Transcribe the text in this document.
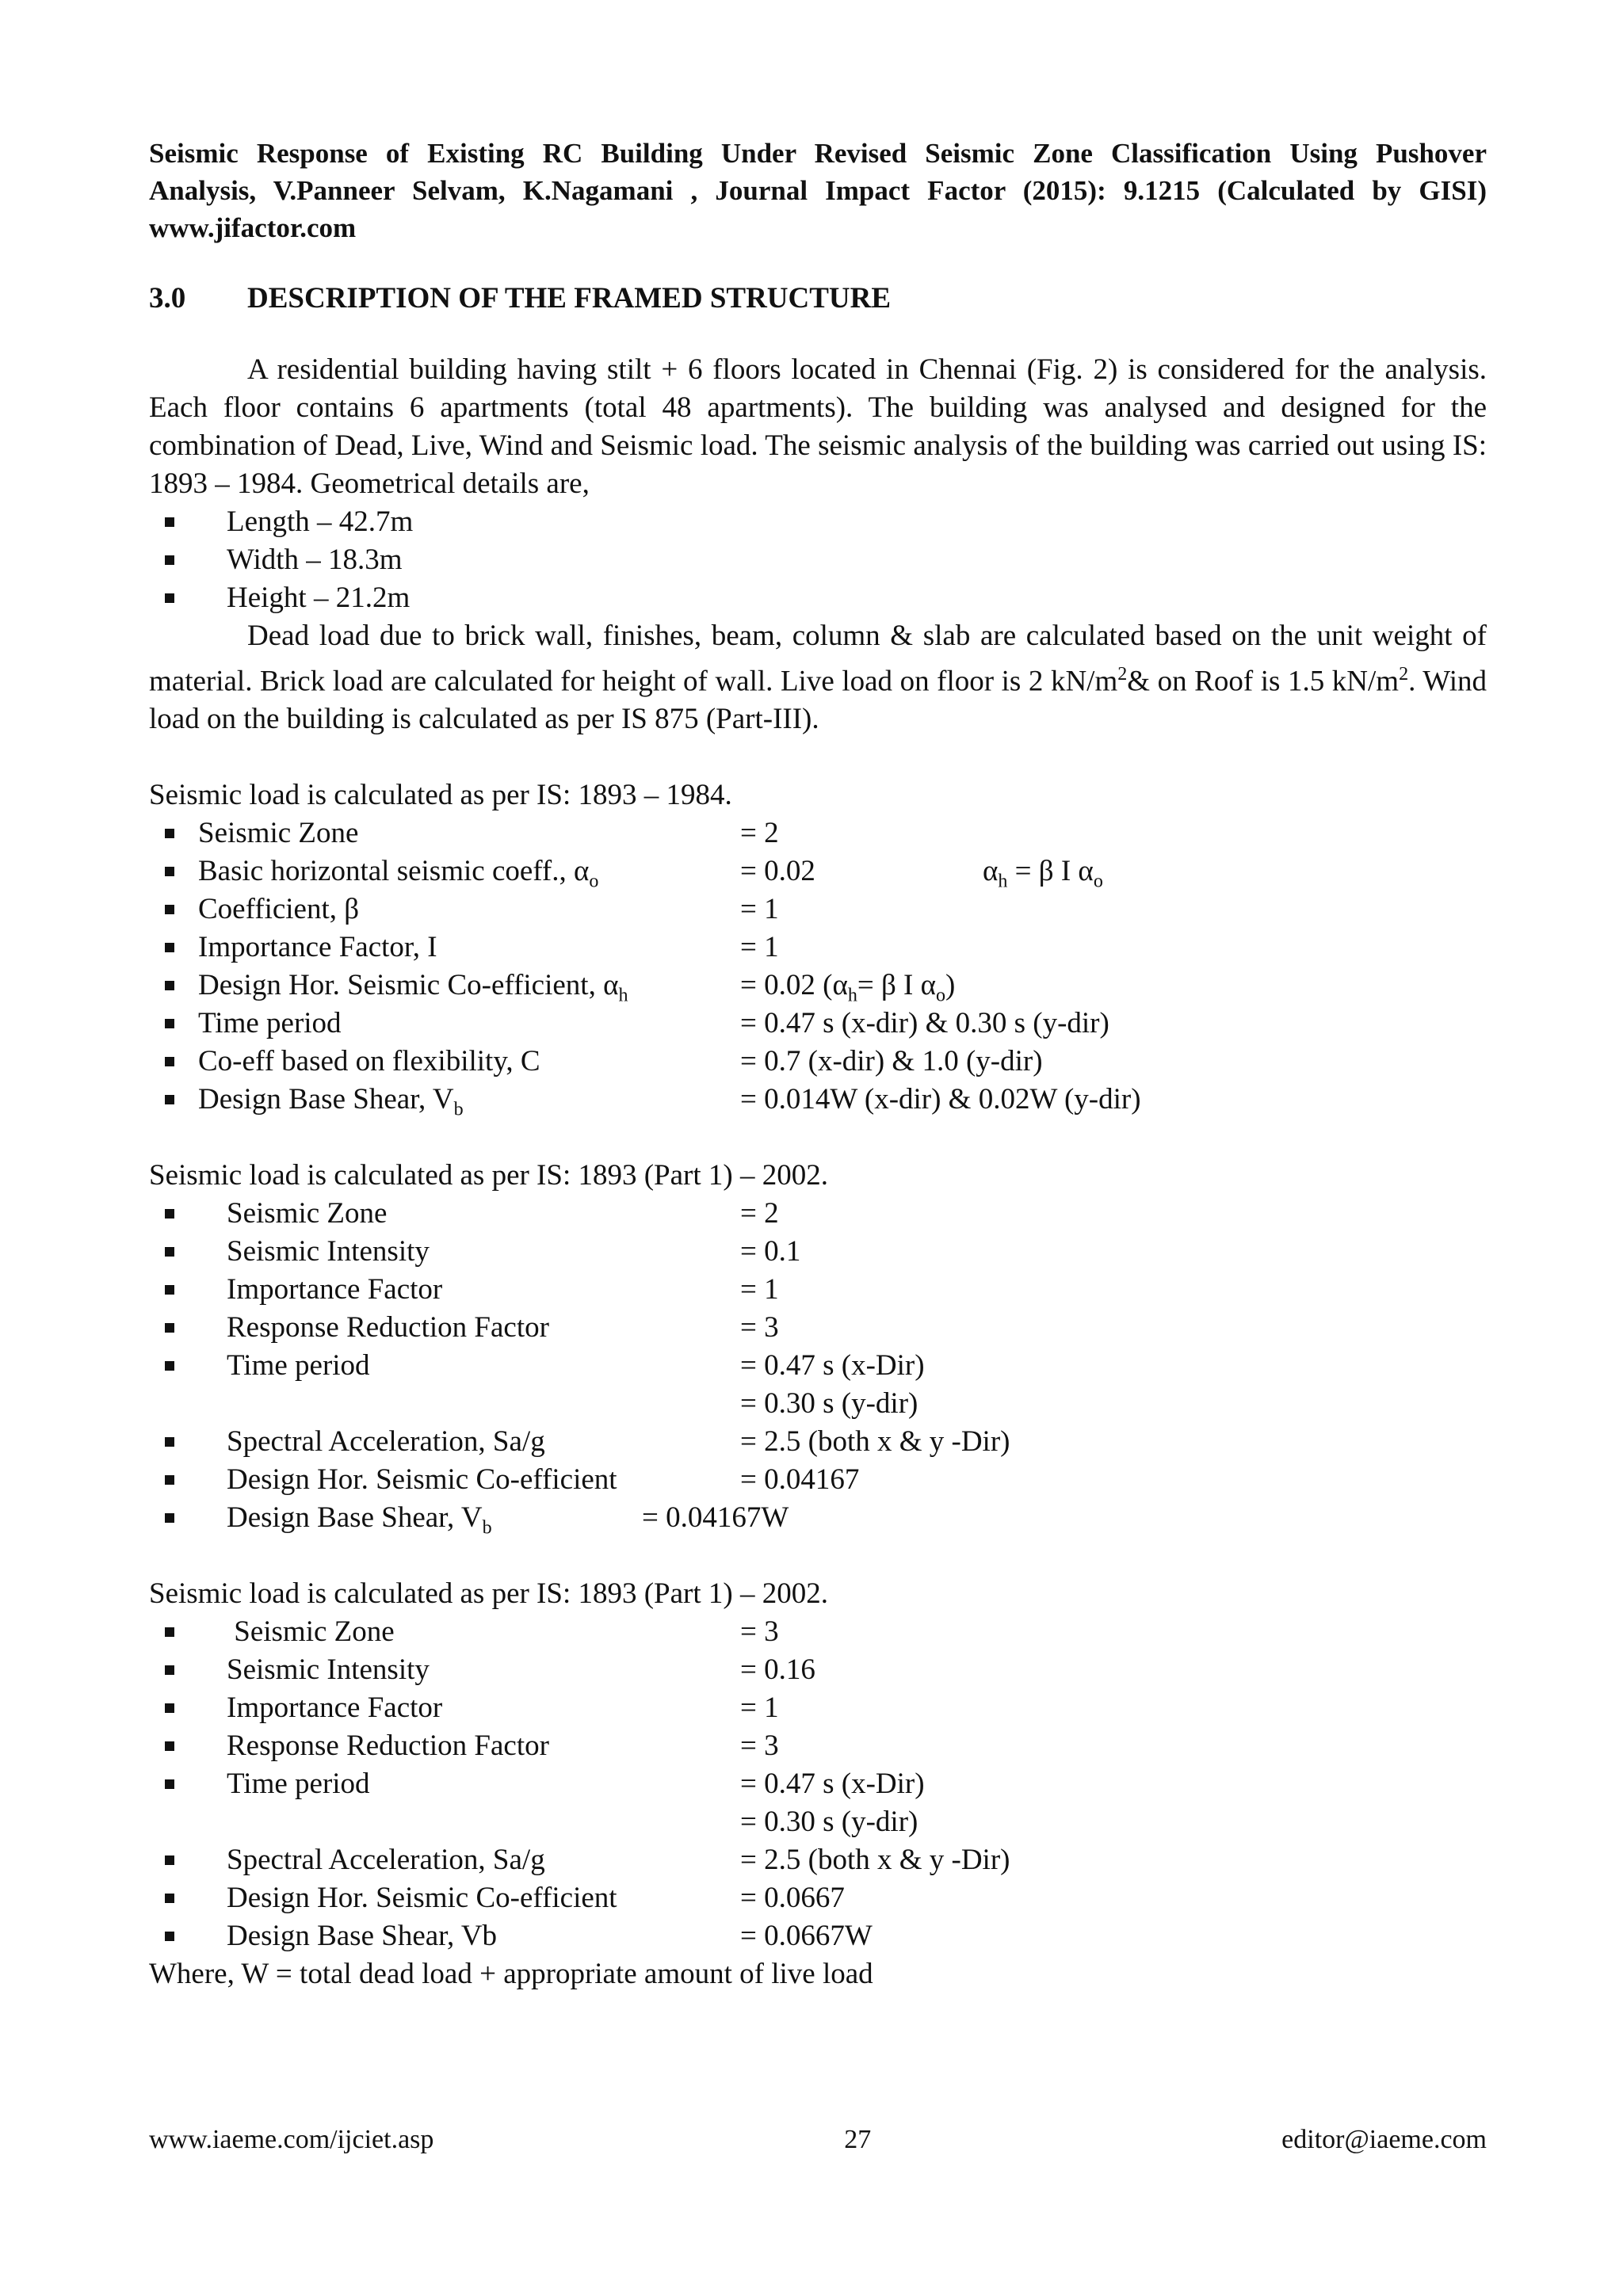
Seismic Response of Existing RC Building Under Revised Seismic Zone Classification Using Pushover
Analysis, V.Panneer Selvam, K.Nagamani , Journal Impact Factor (2015): 9.1215 (Calculated by GISI)
www.jifactor.com
3.0	DESCRIPTION OF THE FRAMED STRUCTURE

A residential building having stilt + 6 floors located in Chennai (Fig. 2) is considered for the analysis. Each floor contains 6 apartments (total 48 apartments). The building was analysed and designed for the combination of Dead, Live, Wind and Seismic load. The seismic analysis of the building was carried out using IS: 1893 – 1984. Geometrical details are,

Length – 42.7m
Width – 18.3m
Height – 21.2m

Dead load due to brick wall, finishes, beam, column & slab are calculated based on the unit weight of material. Brick load are calculated for height of wall. Live load on floor is 2 $kN/m^2\&$ on Roof is 1.5 $kN/m^2$. Wind load on the building is calculated as per IS 875 (Part-III).

Seismic load is calculated as per IS: 1893 – 1984.
Seismic Zone	= 2
Basic horizontal seismic coeff., $\alpha_o$	= 0.02	$\alpha_h = \beta$ I $\alpha_o$
Coefficient, β	= 1
Importance Factor, I	= 1
Design Hor. Seismic Co-efficient, $\alpha_h$	= 0.02 ($\alpha_h= \beta$ I $\alpha_o$)
Time period	= 0.47 s (x-dir) & 0.30 s (y-dir)
Co-eff based on flexibility, C	= 0.7 (x-dir) & 1.0 (y-dir)
Design Base Shear, $V_b$	= 0.014W (x-dir) & 0.02W (y-dir)
Seismic load is calculated as per IS: 1893 (Part 1) – 2002.
Seismic Zone	= 2
Seismic Intensity	= 0.1
Importance Factor	= 1
Response Reduction Factor	= 3
Time period	= 0.47 s (x-Dir)
= 0.30 s (y-dir)
Spectral Acceleration, Sa/g	= 2.5 (both x & y -Dir)
Design Hor. Seismic Co-efficient	= 0.04167
Design Base Shear, $V_b$	= 0.04167W
Seismic load is calculated as per IS: 1893 (Part 1) – 2002.
Seismic Zone	= 3
Seismic Intensity	= 0.16
Importance Factor	= 1
Response Reduction Factor	= 3
Time period	= 0.47 s (x-Dir)
= 0.30 s (y-dir)
Spectral Acceleration, Sa/g	= 2.5 (both x & y -Dir)
Design Hor. Seismic Co-efficient	= 0.0667
Design Base Shear, Vb	= 0.0667W
Where, W = total dead load + appropriate amount of live load
www.iaeme.com/ijciet.asp	27	editor@iaeme.com
